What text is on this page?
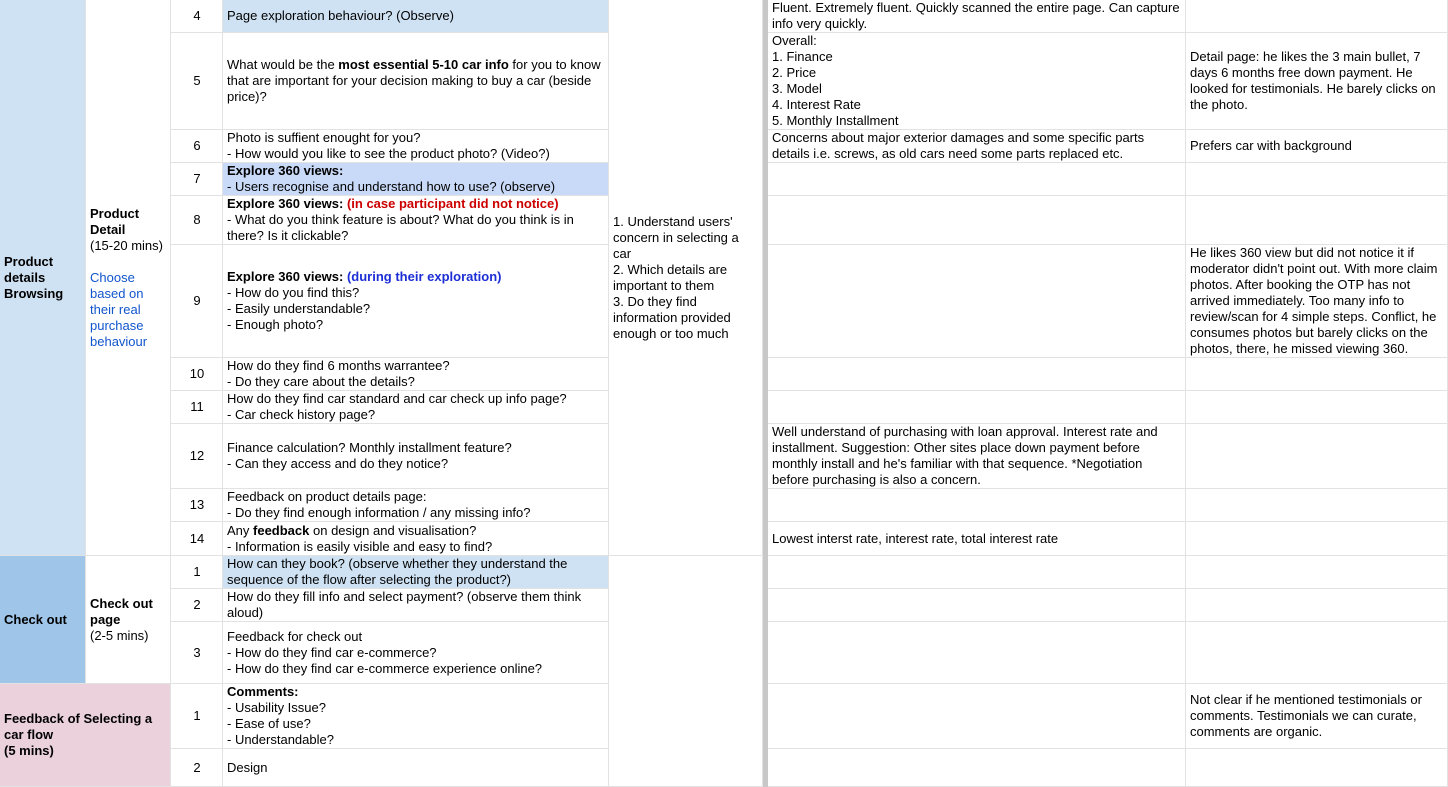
Product details Browsing
Check out
Feedback of Selecting a car flow
(5 mins)
Product Detail
(15-20 mins)
Choose based on their real purchase behaviour
Check out page
(2-5 mins)
1. Understand users' concern in selecting a car
2. Which details are important to them
3. Do they find information provided enough or too much
4 Page exploration behaviour? (Observe)
Fluent. Extremely fluent. Quickly scanned the entire page. Can capture info very quickly.
5
What would be the most essential 5-10 car info for you to know that are important for your decision making to buy a car (beside price)?
Overall:
1. Finance
2. Price
3. Model
4. Interest Rate
5. Monthly Installment
Detail page: he likes the 3 main bullet, 7 days 6 months free down payment. He looked for testimonials. He barely clicks on the photo.
6
Photo is suffient enought for you?
- How would you like to see the product photo? (Video?)
Concerns about major exterior damages and some specific parts details i.e. screws, as old cars need some parts replaced etc.
Prefers car with background
7
Explore 360 views:
- Users recognise and understand how to use? (observe)
8
Explore 360 views: (in case participant did not notice)
- What do you think feature is about? What do you think is in there? Is it clickable?
9
Explore 360 views: (during their exploration)
- How do you find this?
- Easily understandable?
- Enough photo?
He likes 360 view but did not notice it if moderator didn't point out. With more claim photos. After booking the OTP has not arrived immediately. Too many info to review/scan for 4 simple steps. Conflict, he consumes photos but barely clicks on the photos, there, he missed viewing 360.
10
How do they find 6 months warrantee?
- Do they care about the details?
11
How do they find car standard and car check up info page?
- Car check history page?
12
Finance calculation? Monthly installment feature?
- Can they access and do they notice?
Well understand of purchasing with loan approval. Interest rate and installment. Suggestion: Other sites place down payment before monthly install and he's familiar with that sequence. *Negotiation before purchasing is also a concern.
13
Feedback on product details page:
- Do they find enough information / any missing info?
14
Any feedback on design and visualisation?
- Information is easily visible and easy to find?
Lowest interst rate, interest rate, total interest rate
1
How can they book? (observe whether they understand the sequence of the flow after selecting the product?)
2
How do they fill info and select payment? (observe them think aloud)
3
Feedback for check out
- How do they find car e-commerce?
- How do they find car e-commerce experience online?
1
Comments:
- Usability Issue?
- Ease of use?
- Understandable?
Not clear if he mentioned testimonials or comments. Testimonials we can curate, comments are organic.
2 Design
